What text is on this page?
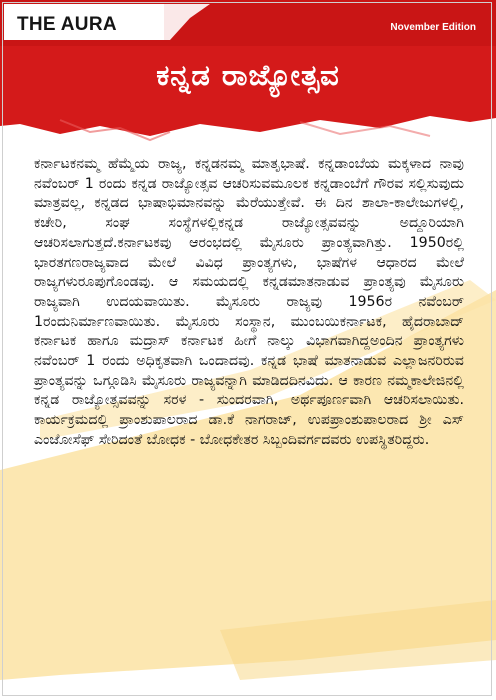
THE AURA	November Edition
ಕನ್ನಡ ರಾಜ್ಯೋತ್ಸವ
ಕರ್ನಾಟಕನಮ್ಮ ಹೆಮ್ಮೆಯ ರಾಜ್ಯ, ಕನ್ನಡನಮ್ಮ ಮಾತೃಭಾಷೆ. ಕನ್ನಡಾಂಬೆಯ ಮಕ್ಕಳಾದ ನಾವು ನವೆಂಬರ್ 1 ರಂದು ಕನ್ನಡ ರಾಜ್ಯೋತ್ಸವ ಆಚರಿಸುವಮೂಲಕ ಕನ್ನಡಾಂಬೆಗೆ ಗೌರವ ಸಲ್ಲಿಸುವುದು ಮಾತ್ರವಲ್ಲ, ಕನ್ನಡದ ಭಾಷಾಭಿಮಾನವನ್ನು ಮೆರೆಯುತ್ತೇವೆ. ಈ ದಿನ ಶಾಲಾ-ಕಾಲೇಜುಗಳಲ್ಲಿ, ಕಚೇರಿ, ಸಂಘ ಸಂಸ್ಥೆಗಳಲ್ಲಿಕನ್ನಡ ರಾಜ್ಯೋತ್ಸವವನ್ನು ಅದ್ದೂರಿಯಾಗಿ ಆಚರಿಸಲಾಗುತ್ತದೆ.ಕರ್ನಾಟಕವು ಆರಂಭದಲ್ಲಿ ಮೈಸೂರು ಪ್ರಾಂತ್ಯವಾಗಿತ್ತು. 1950ರಲ್ಲಿ ಭಾರತಗಣರಾಜ್ಯವಾದ ಮೇಲೆ ವಿವಿಧ ಪ್ರಾಂತ್ಯಗಳು, ಭಾಷೆಗಳ ಆಧಾರದ ಮೇಲೆ ರಾಜ್ಯಗಳುರೂಪುಗೊಂಡವು. ಆ ಸಮಯದಲ್ಲಿ ಕನ್ನಡಮಾತನಾಡುವ ಪ್ರಾಂತ್ಯವು ಮೈಸೂರು ರಾಜ್ಯವಾಗಿ ಉದಯವಾಯಿತು. ಮೈಸೂರು ರಾಜ್ಯವು 1956ರ ನವೆಂಬರ್ 1ರಂದುನಿರ್ಮಾಣವಾಯಿತು. ಮೈಸೂರು ಸಂಸ್ಥಾನ, ಮುಂಬಯಿಕರ್ನಾಟಕ, ಹೈದರಾಬಾದ್ ಕರ್ನಾಟಕ ಹಾಗೂ ಮದ್ರಾಸ್ ಕರ್ನಾಟಕ ಹೀಗೆ ನಾಲ್ಕು ವಿಭಾಗವಾಗಿದ್ದಅಂದಿನ ಪ್ರಾಂತ್ಯಗಳು ನವೆಂಬರ್ 1 ರಂದು ಅಧಿಕೃತವಾಗಿ ಒಂದಾದವು. ಕನ್ನಡ ಭಾಷೆ ಮಾತನಾಡುವ ಎಲ್ಲಾಜನರಿರುವ ಪ್ರಾಂತ್ಯವನ್ನು ಒಗ್ಗೂಡಿಸಿ ಮೈಸೂರು ರಾಜ್ಯವನ್ನಾಗಿ ಮಾಡಿದದಿನವಿದು. ಆ ಕಾರಣ ನಮ್ಮಕಾಲೇಜಿನಲ್ಲಿ ಕನ್ನಡ ರಾಜ್ಯೋತ್ಸವವನ್ನು ಸರಳ - ಸುಂದರವಾಗಿ, ಅರ್ಥಪೂರ್ಣವಾಗಿ ಆಚರಿಸಲಾಯಿತು. ಕಾರ್ಯಕ್ರಮದಲ್ಲಿ ಪ್ರಾಂಶುಪಾಲರಾದ ಡಾ.ಕೆ ನಾಗರಾಜ್, ಉಪಪ್ರಾಂಶುಪಾಲರಾದ ಶ್ರೀ ಎಸ್ ಎಂಜೋಸೆಫ್ ಸೇರಿದಂತೆ ಬೋಧಕ - ಬೋಧಕೇತರ ಸಿಬ್ಬಂದಿವರ್ಗದವರು ಉಪಸ್ಥಿತರಿದ್ದರು.
